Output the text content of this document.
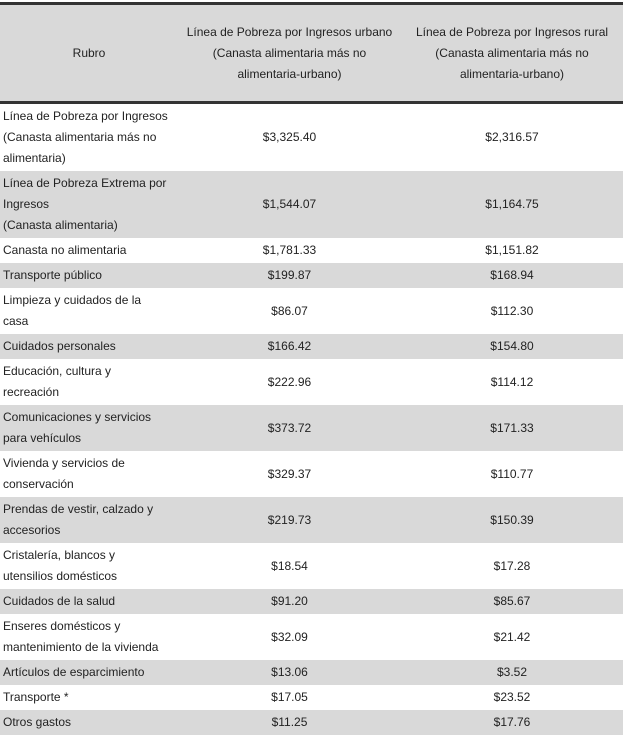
Rubro	Línea de Pobreza por Ingresos urbano (Canasta alimentaria más no alimentaria-urbano)	Línea de Pobreza por Ingresos rural (Canasta alimentaria más no alimentaria-urbano)
Línea de Pobreza por Ingresos
(Canasta alimentaria más no
alimentaria)	$3,325.40	$2,316.57
Línea de Pobreza Extrema por
Ingresos
(Canasta alimentaria)	$1,544.07	$1,164.75
Canasta no alimentaria	$1,781.33	$1,151.82
Transporte público	$199.87	$168.94
Limpieza y cuidados de la
casa	$86.07	$112.30
Cuidados personales	$166.42	$154.80
Educación, cultura y
recreación	$222.96	$114.12
Comunicaciones y servicios
para vehículos	$373.72	$171.33
Vivienda y servicios de
conservación	$329.37	$110.77
Prendas de vestir, calzado y
accesorios	$219.73	$150.39
Cristalería, blancos y
utensilios domésticos	$18.54	$17.28
Cuidados de la salud	$91.20	$85.67
Enseres domésticos y
mantenimiento de la vivienda	$32.09	$21.42
Artículos de esparcimiento	$13.06	$3.52
Transporte *	$17.05	$23.52
Otros gastos	$11.25	$17.76
